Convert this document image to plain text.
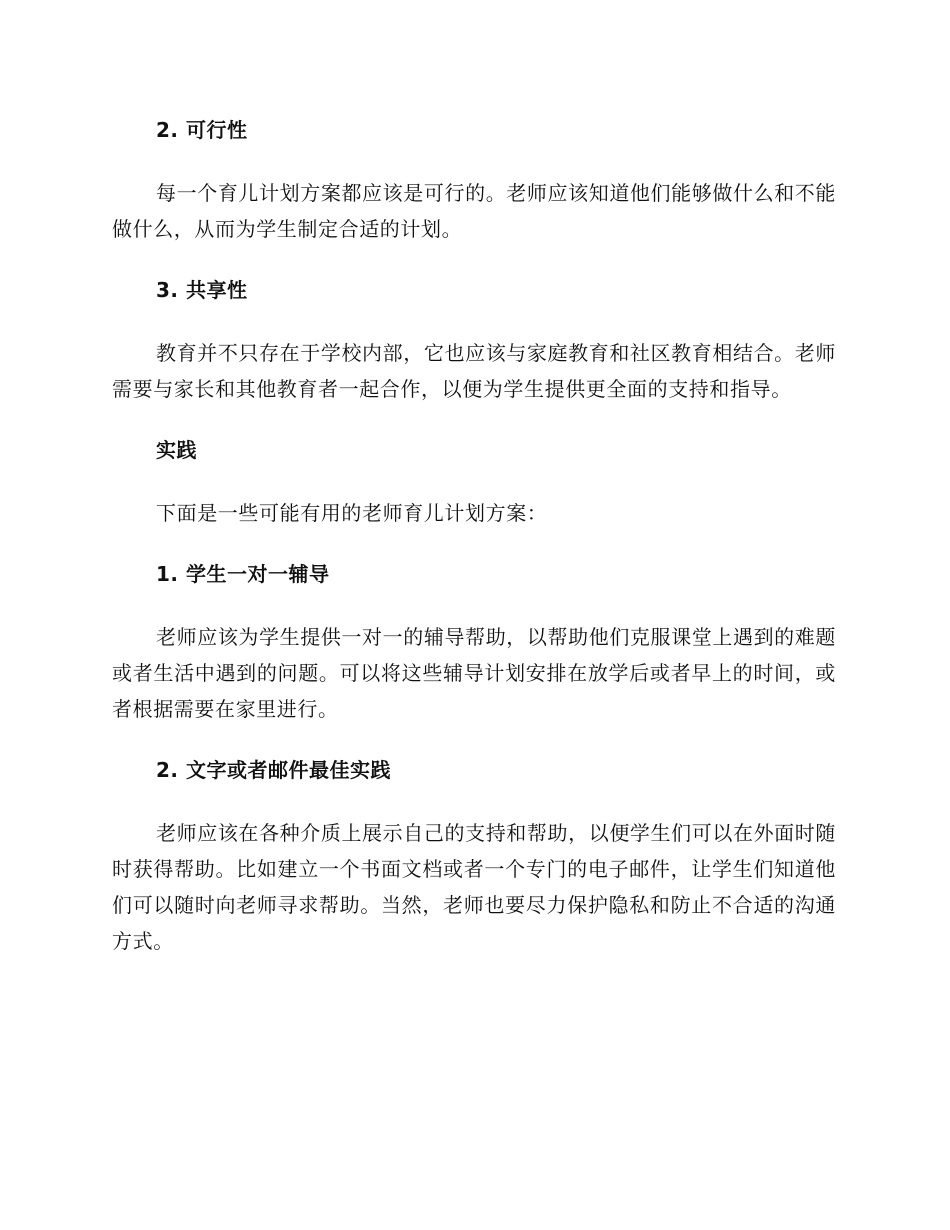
2. 可行性

每一个育儿计划方案都应该是可行的。老师应该知道他们能够做什么和不能做什么，从而为学生制定合适的计划。

3. 共享性

教育并不只存在于学校内部，它也应该与家庭教育和社区教育相结合。老师需要与家长和其他教育者一起合作，以便为学生提供更全面的支持和指导。

实践

下面是一些可能有用的老师育儿计划方案：

1. 学生一对一辅导

老师应该为学生提供一对一的辅导帮助，以帮助他们克服课堂上遇到的难题或者生活中遇到的问题。可以将这些辅导计划安排在放学后或者早上的时间，或者根据需要在家里进行。

2. 文字或者邮件最佳实践

老师应该在各种介质上展示自己的支持和帮助，以便学生们可以在外面时随时获得帮助。比如建立一个书面文档或者一个专门的电子邮件，让学生们知道他们可以随时向老师寻求帮助。当然，老师也要尽力保护隐私和防止不合适的沟通方式。
